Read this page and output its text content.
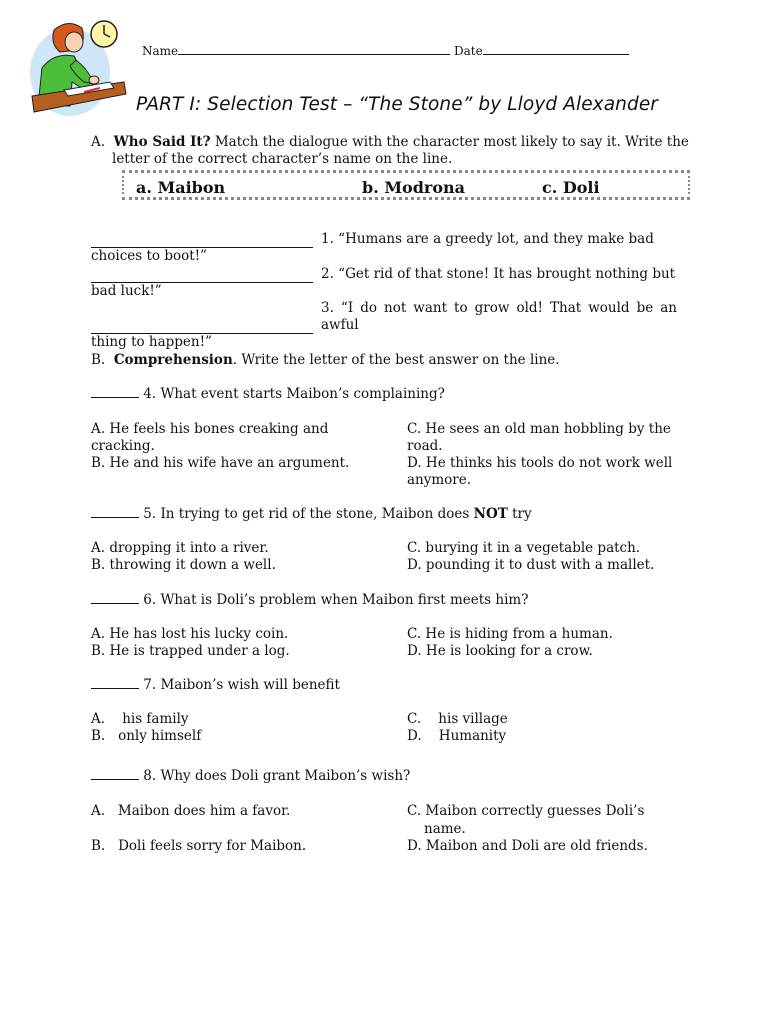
Name	Date
PART I: Selection Test – “The Stone” by Lloyd Alexander
A. Who Said It? Match the dialogue with the character most likely to say it. Write the
letter of the correct character’s name on the line.
a. Maibon	b. Modrona	c. Doli
1. “Humans are a greedy lot, and they make bad
choices to boot!”
2. “Get rid of that stone! It has brought nothing but
bad luck!”
3. “I do not want to grow old! That would be an awful
thing to happen!”
B. Comprehension. Write the letter of the best answer on the line.
4. What event starts Maibon’s complaining?
A. He feels his bones creaking and
cracking.
B. He and his wife have an argument.
C. He sees an old man hobbling by the
road.
D. He thinks his tools do not work well
anymore.
5. In trying to get rid of the stone, Maibon does NOT try
A. dropping it into a river.
B. throwing it down a well.
C. burying it in a vegetable patch.
D. pounding it to dust with a mallet.
6. What is Doli’s problem when Maibon first meets him?
A. He has lost his lucky coin.
B. He is trapped under a log.
C. He is hiding from a human.
D. He is looking for a crow.
7. Maibon’s wish will benefit
A.    his family
B.   only himself
C.    his village
D.    Humanity
8. Why does Doli grant Maibon’s wish?
A.   Maibon does him a favor.
B.   Doli feels sorry for Maibon.
C. Maibon correctly guesses Doli’s
name.
D. Maibon and Doli are old friends.
